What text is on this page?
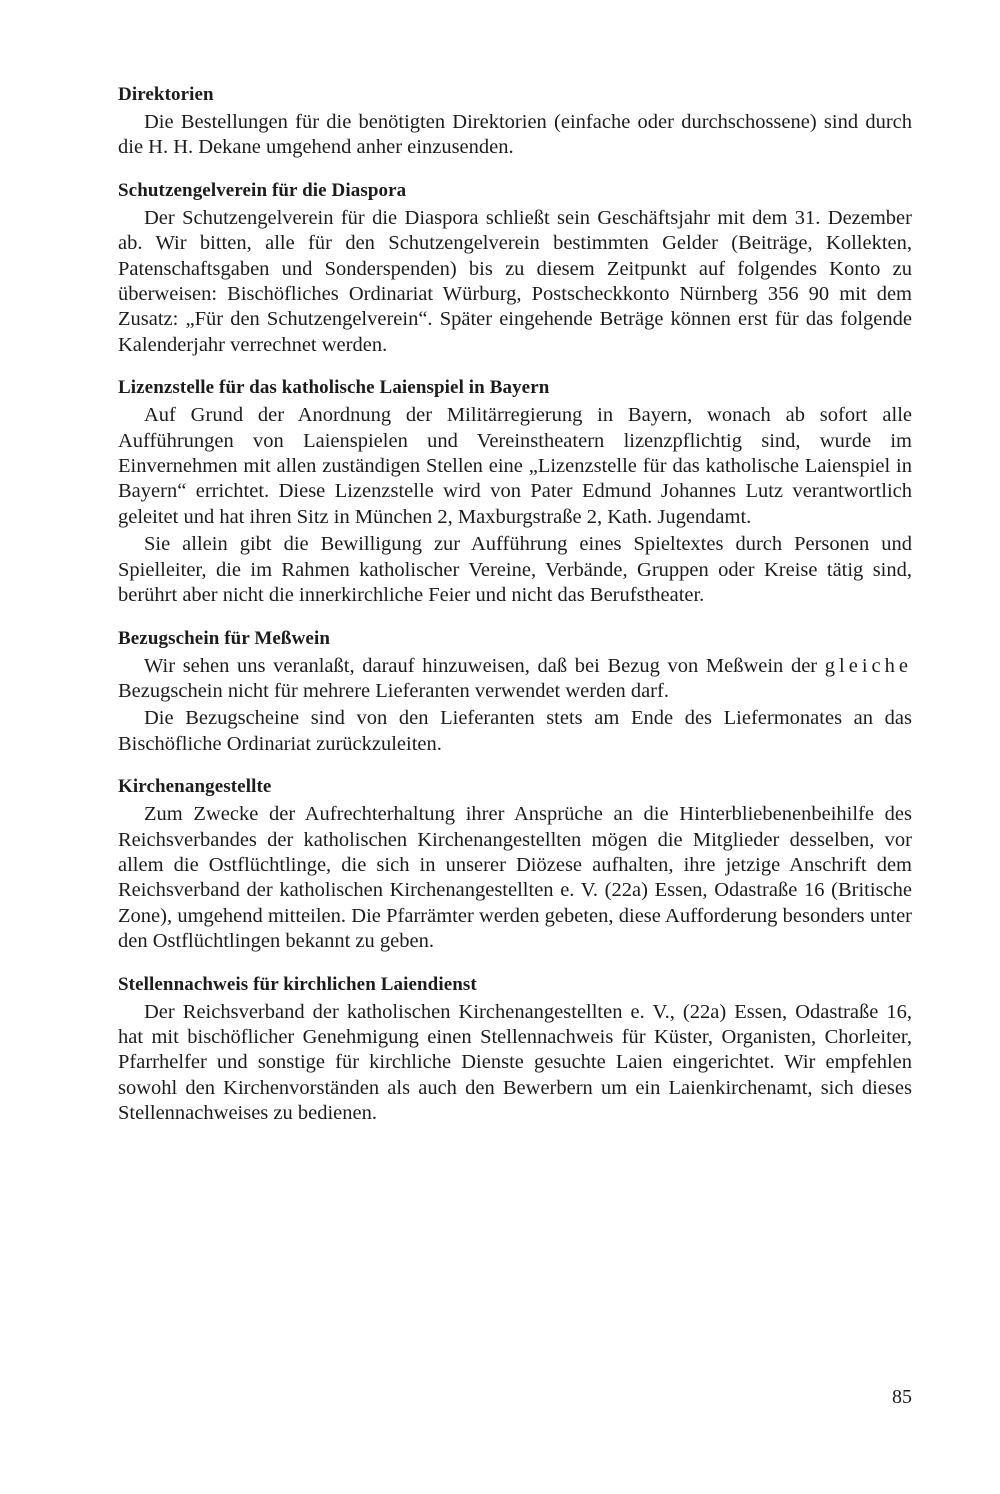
Direktorien

Die Bestellungen für die benötigten Direktorien (einfache oder durchschossene) sind durch die H. H. Dekane umgehend anher einzusenden.

Schutzengelverein für die Diaspora

Der Schutzengelverein für die Diaspora schließt sein Geschäftsjahr mit dem 31. Dezember ab. Wir bitten, alle für den Schutzengelverein bestimmten Gelder (Beiträge, Kollekten, Patenschaftsgaben und Sonderspenden) bis zu diesem Zeitpunkt auf folgendes Konto zu überweisen: Bischöfliches Ordinariat Würburg, Postscheckkonto Nürnberg 356 90 mit dem Zusatz: „Für den Schutzengelverein“. Später eingehende Beträge können erst für das folgende Kalenderjahr verrechnet werden.

Lizenzstelle für das katholische Laienspiel in Bayern

Auf Grund der Anordnung der Militärregierung in Bayern, wonach ab sofort alle Aufführungen von Laienspielen und Vereinstheatern lizenzpflichtig sind, wurde im Einvernehmen mit allen zuständigen Stellen eine „Lizenzstelle für das katholische Laienspiel in Bayern“ errichtet. Diese Lizenzstelle wird von Pater Edmund Johannes Lutz verantwortlich geleitet und hat ihren Sitz in München 2, Maxburgstraße 2, Kath. Jugendamt.

Sie allein gibt die Bewilligung zur Aufführung eines Spieltextes durch Personen und Spielleiter, die im Rahmen katholischer Vereine, Verbände, Gruppen oder Kreise tätig sind, berührt aber nicht die innerkirchliche Feier und nicht das Berufstheater.

Bezugschein für Meßwein

Wir sehen uns veranlaßt, darauf hinzuweisen, daß bei Bezug von Meßwein der gleiche Bezugschein nicht für mehrere Lieferanten verwendet werden darf.

Die Bezugscheine sind von den Lieferanten stets am Ende des Liefermonates an das Bischöfliche Ordinariat zurückzuleiten.

Kirchenangestellte

Zum Zwecke der Aufrechterhaltung ihrer Ansprüche an die Hinterbliebenenbeihilfe des Reichsverbandes der katholischen Kirchenangestellten mögen die Mitglieder desselben, vor allem die Ostflüchtlinge, die sich in unserer Diözese aufhalten, ihre jetzige Anschrift dem Reichsverband der katholischen Kirchenangestellten e. V. (22a) Essen, Odastraße 16 (Britische Zone), umgehend mitteilen. Die Pfarrämter werden gebeten, diese Aufforderung besonders unter den Ostflüchtlingen bekannt zu geben.

Stellennachweis für kirchlichen Laiendienst

Der Reichsverband der katholischen Kirchenangestellten e. V., (22a) Essen, Odastraße 16, hat mit bischöflicher Genehmigung einen Stellennachweis für Küster, Organisten, Chorleiter, Pfarrhelfer und sonstige für kirchliche Dienste gesuchte Laien eingerichtet. Wir empfehlen sowohl den Kirchenvorständen als auch den Bewerbern um ein Laienkirchenamt, sich dieses Stellennachweises zu bedienen.

85
